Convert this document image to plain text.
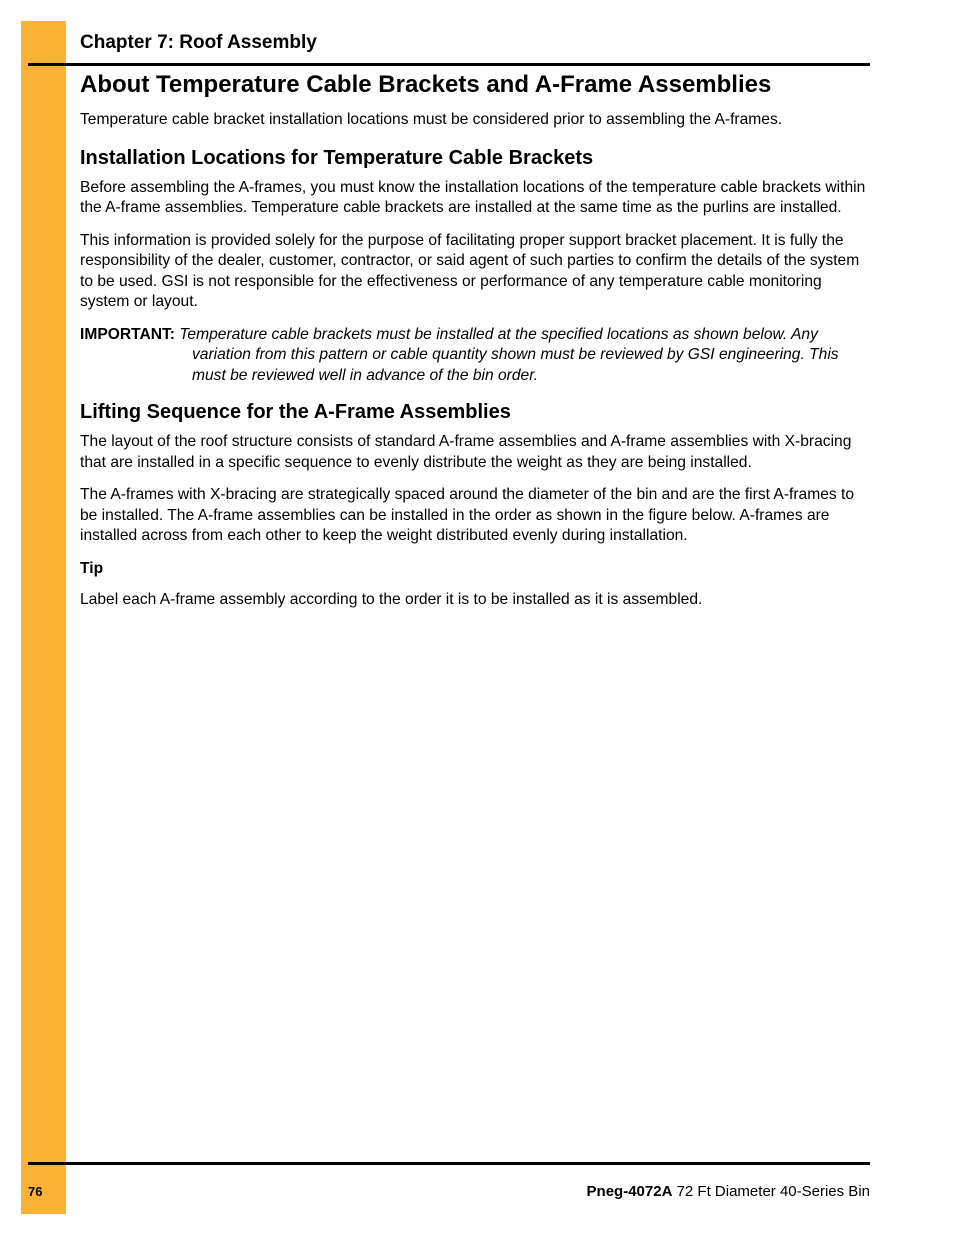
Chapter 7: Roof Assembly
About Temperature Cable Brackets and A-Frame Assemblies

Temperature cable bracket installation locations must be considered prior to assembling the A-frames.

Installation Locations for Temperature Cable Brackets

Before assembling the A-frames, you must know the installation locations of the temperature cable brackets within the A-frame assemblies. Temperature cable brackets are installed at the same time as the purlins are installed.

This information is provided solely for the purpose of facilitating proper support bracket placement. It is fully the responsibility of the dealer, customer, contractor, or said agent of such parties to confirm the details of the system to be used. GSI is not responsible for the effectiveness or performance of any temperature cable monitoring system or layout.

IMPORTANT: Temperature cable brackets must be installed at the specified locations as shown below. Any variation from this pattern or cable quantity shown must be reviewed by GSI engineering. This must be reviewed well in advance of the bin order.
Lifting Sequence for the A-Frame Assemblies

The layout of the roof structure consists of standard A-frame assemblies and A-frame assemblies with X-bracing that are installed in a specific sequence to evenly distribute the weight as they are being installed.

The A-frames with X-bracing are strategically spaced around the diameter of the bin and are the first A-frames to be installed. The A-frame assemblies can be installed in the order as shown in the figure below. A-frames are installed across from each other to keep the weight distributed evenly during installation.

Tip

Label each A-frame assembly according to the order it is to be installed as it is assembled.

76	Pneg-4072A 72 Ft Diameter 40-Series Bin
